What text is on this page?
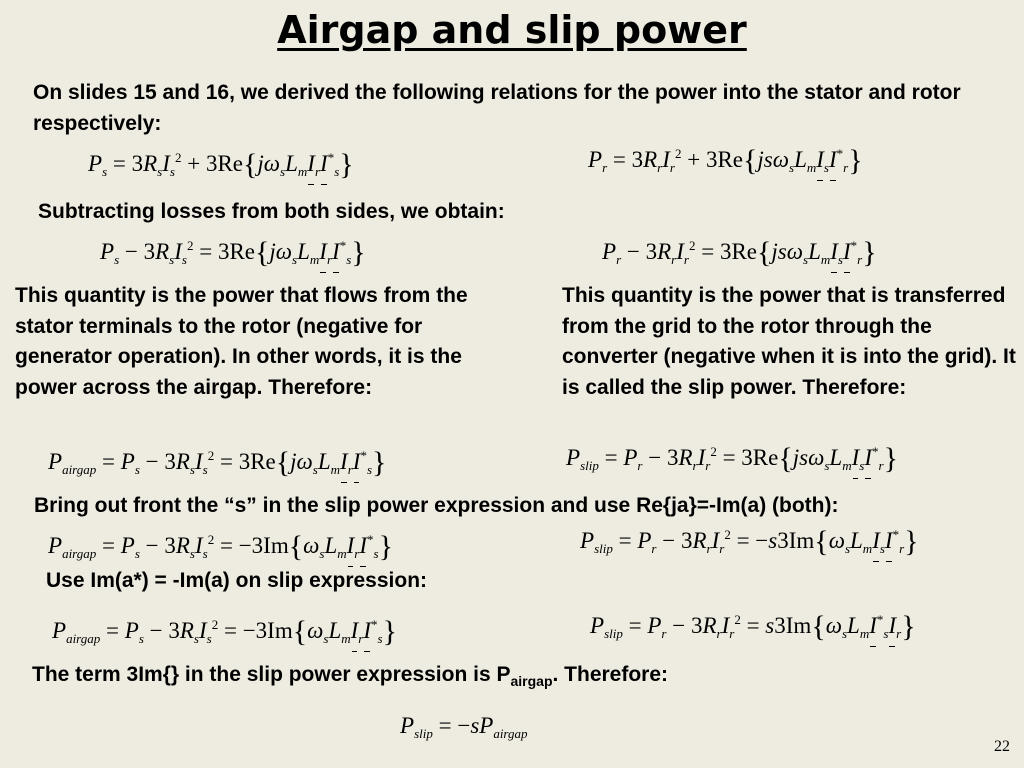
Airgap and slip power
On slides 15 and 16, we derived the following relations for the power into the stator and rotor respectively:
$P_s = 3R_sI_s^2 + 3Re\{j\omega_sL_mI_rI^*_s\}$	$P_r = 3R_rI_r^2 + 3Re\{js\omega_sL_mI_sI^*_r\}$
Subtracting losses from both sides, we obtain:
$P_s - 3R_sI_s^2 = 3Re\{j\omega_sL_mI_rI^*_s\}$	$P_r - 3R_rI_r^2 = 3Re\{js\omega_sL_mI_sI^*_r\}$
This quantity is the power that flows from the stator terminals to the rotor (negative for generator operation). In other words, it is the power across the airgap. Therefore:
This quantity is the power that is transferred from the grid to the rotor through the converter (negative when it is into the grid). It is called the slip power. Therefore:
$P_{airgap} = P_s - 3R_sI_s^2 = 3Re\{j\omega_sL_mI_rI^*_s\}$	$P_{slip} = P_r - 3R_rI_r^2 = 3Re\{js\omega_sL_mI_sI^*_r\}$
Bring out front the “s” in the slip power expression and use Re{ja}=-Im(a) (both):
$P_{airgap} = P_s - 3R_sI_s^2 = -3Im\{\omega_sL_mI_rI^*_s\}$	$P_{slip} = P_r - 3R_rI_r^2 = -s3Im\{\omega_sL_mI_sI^*_r\}$
Use Im(a*) = -Im(a) on slip expression:
$P_{airgap} = P_s - 3R_sI_s^2 = -3Im\{\omega_sL_mI_rI^*_s\}$	$P_{slip} = P_r - 3R_rI_r^2 = s3Im\{\omega_sL_mI^*_sI_r\}$
The term 3Im{} in the slip power expression is $P_{airgap}$. Therefore:
$P_{slip} = -sP_{airgap}$
22
